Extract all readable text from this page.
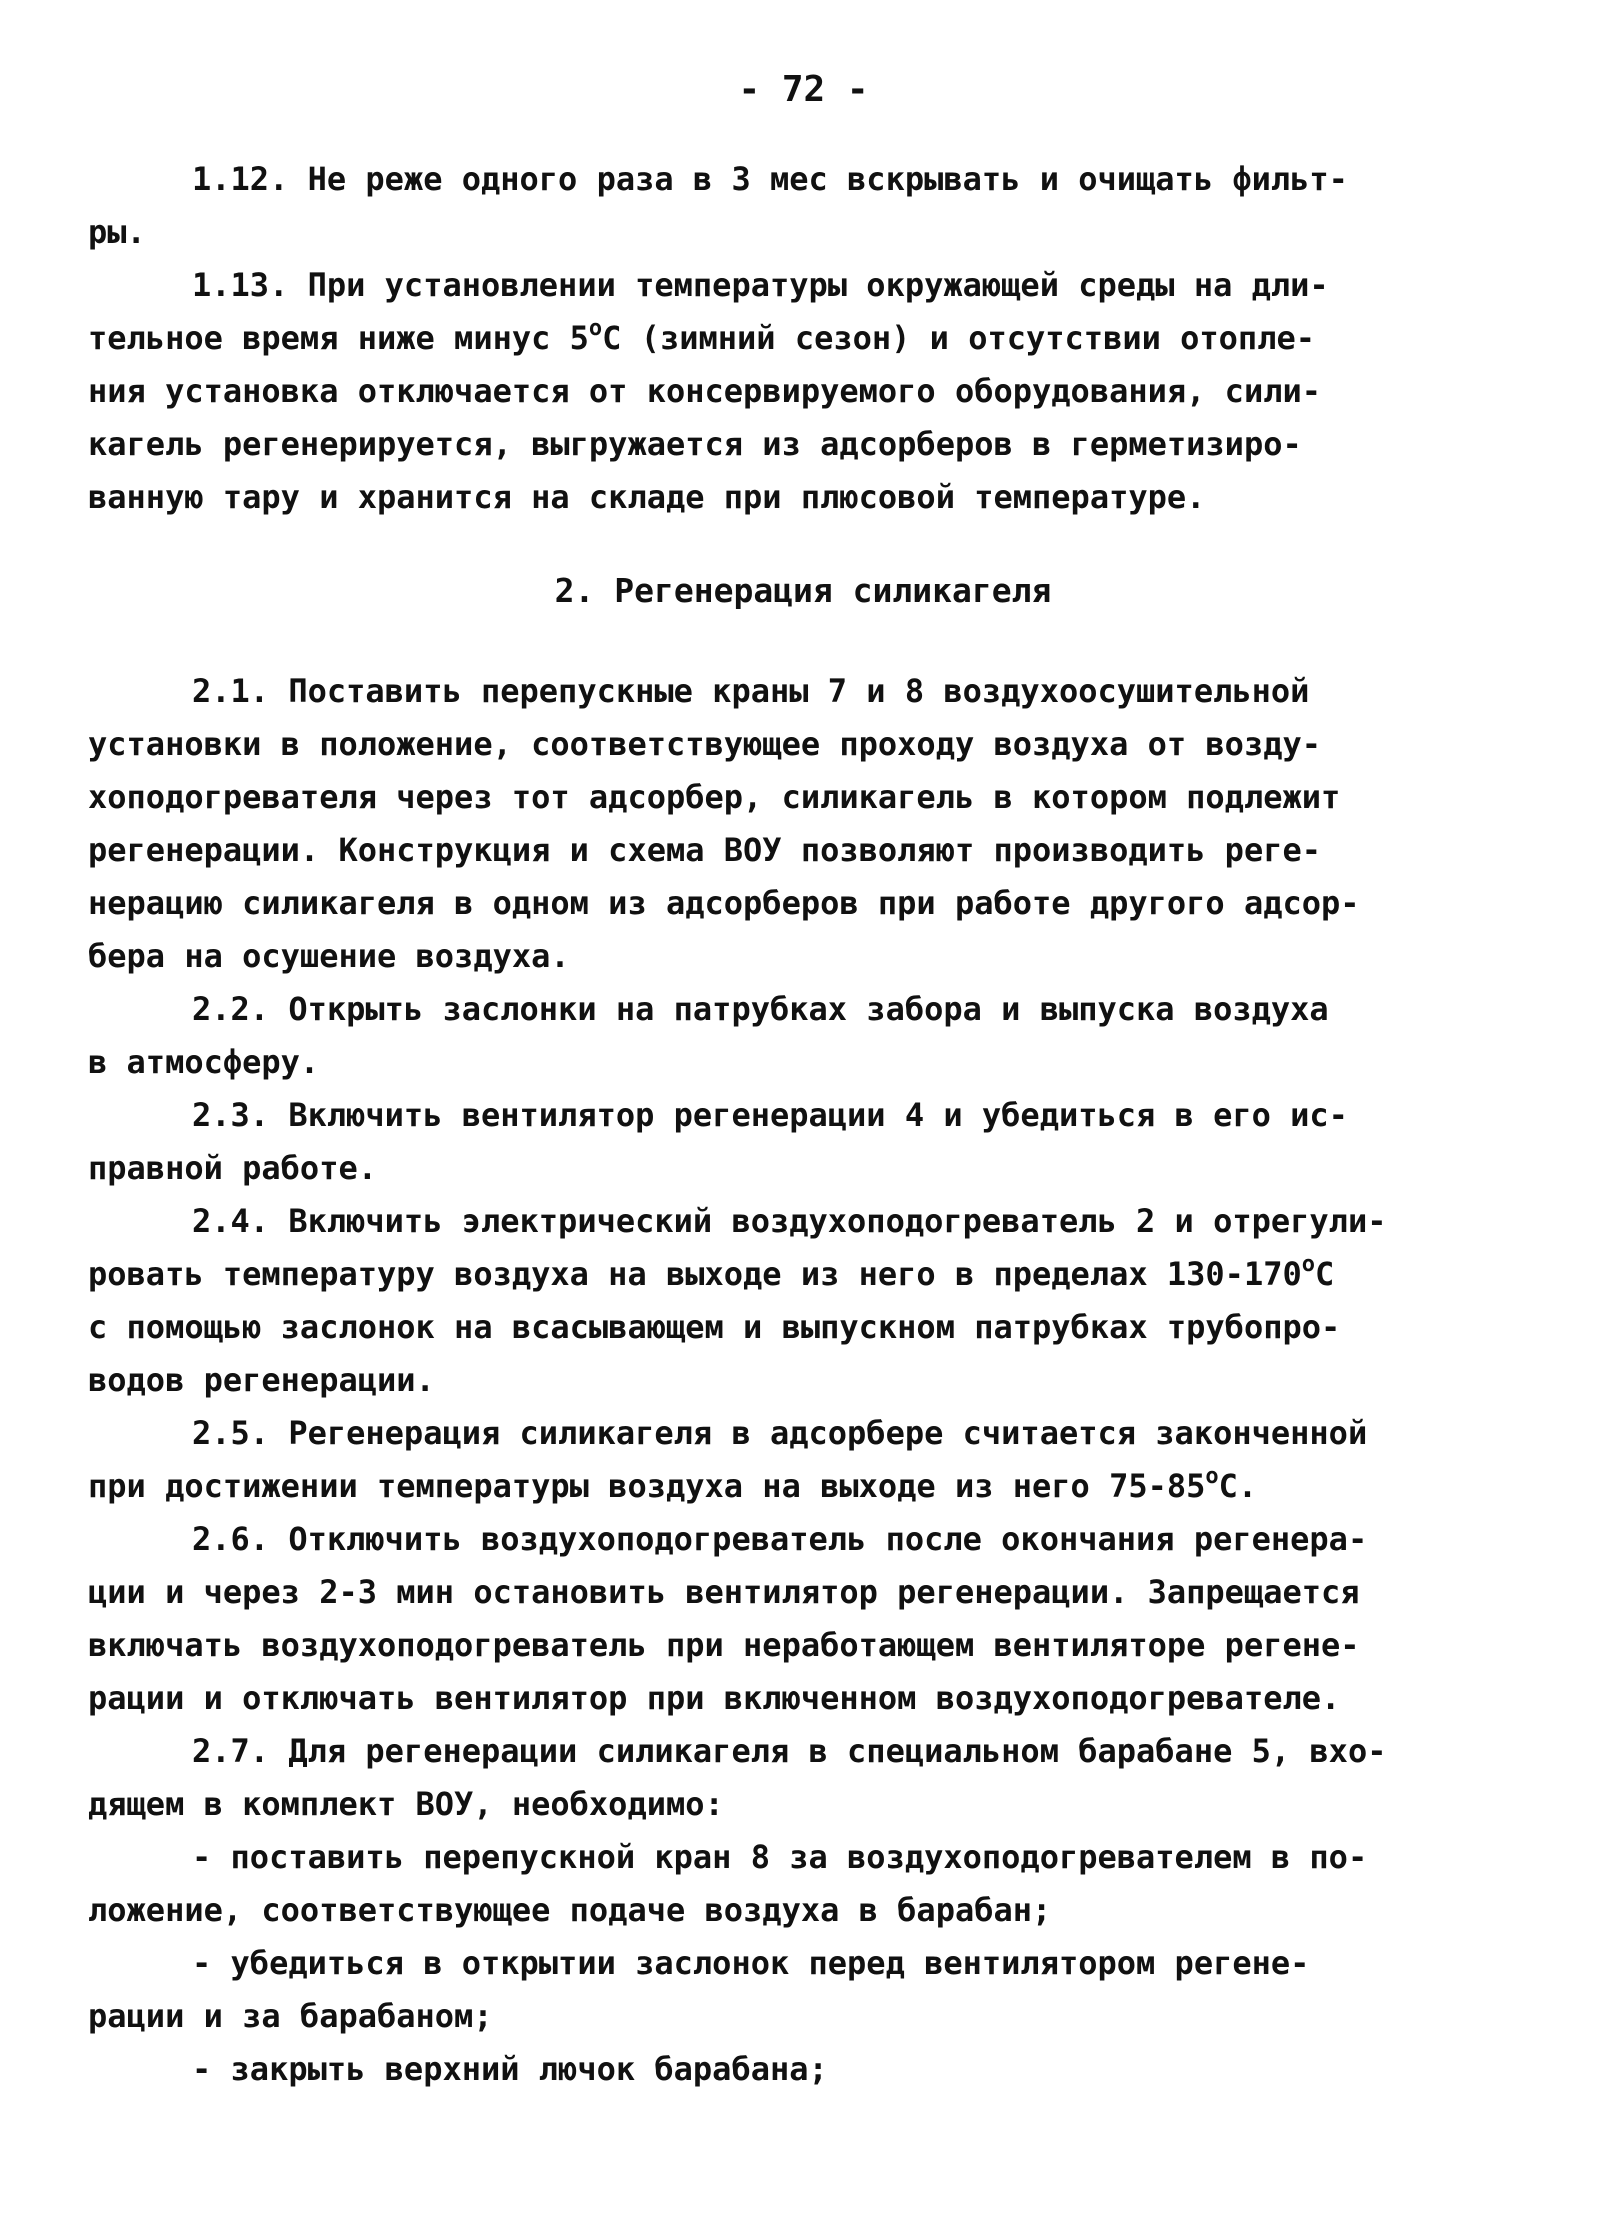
- 72 -
1.12. Не реже одного раза в 3 мес вскрывать и очищать фильт-
ры.
1.13. При установлении температуры окружающей среды на дли-
тельное время ниже минус 5$^o$С (зимний сезон) и отсутствии отопле-
ния установка отключается от консервируемого оборудования, сили-
кагель регенерируется, выгружается из адсорберов в герметизиро-
ванную тару и хранится на складе при плюсовой температуре.
2. Регенерация силикагеля
2.1. Поставить перепускные краны 7 и 8 воздухоосушительной
установки в положение, соответствующее проходу воздуха от возду-
хоподогревателя через тот адсорбер, силикагель в котором подлежит
регенерации. Конструкция и схема ВОУ позволяют производить реге-
нерацию силикагеля в одном из адсорберов при работе другого адсор-
бера на осушение воздуха.
2.2. Открыть заслонки на патрубках забора и выпуска воздуха
в атмосферу.
2.3. Включить вентилятор регенерации 4 и убедиться в его ис-
правной работе.
2.4. Включить электрический воздухоподогреватель 2 и отрегули-
ровать температуру воздуха на выходе из него в пределах 130-170$^o$С
с помощью заслонок на всасывающем и выпускном патрубках трубопро-
водов регенерации.
2.5. Регенерация силикагеля в адсорбере считается законченной
при достижении температуры воздуха на выходе из него 75-85$^o$С.
2.6. Отключить воздухоподогреватель после окончания регенера-
ции и через 2-3 мин остановить вентилятор регенерации. Запрещается
включать воздухоподогреватель при неработающем вентиляторе регене-
рации и отключать вентилятор при включенном воздухоподогревателе.
2.7. Для регенерации силикагеля в специальном барабане 5, вхо-
дящем в комплект ВОУ, необходимо:
- поставить перепускной кран 8 за воздухоподогревателем в по-
ложение, соответствующее подаче воздуха в барабан;
- убедиться в открытии заслонок перед вентилятором регене-
рации и за барабаном;
- закрыть верхний лючок барабана;
